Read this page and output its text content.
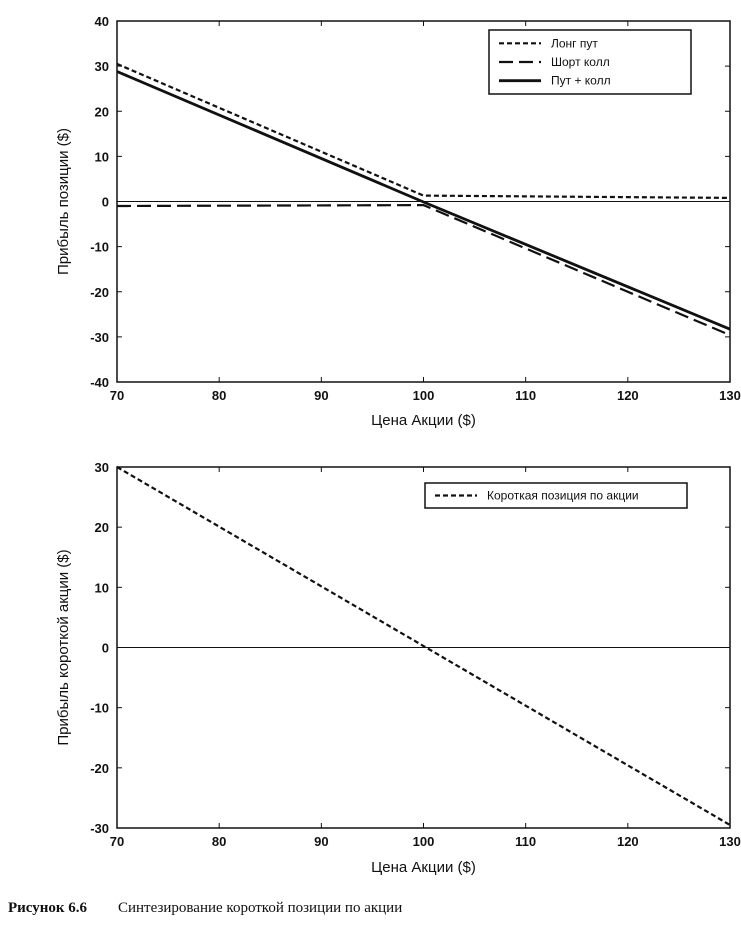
70	80	90	100	110	120	130
-40
-30
-20
-10
0
10
20
30
40
Цена Акции ($)
Прибыль позиции ($)
Лонг пут
Шорт колл
Пут + колл
70	80	90	100	110	120	130
-30
-20
-10
0
10
20
30
Цена Акции ($)
Прибыль короткой акции ($)
Короткая позиция по акции
Рисунок 6.6 Синтезирование короткой позиции по акции
